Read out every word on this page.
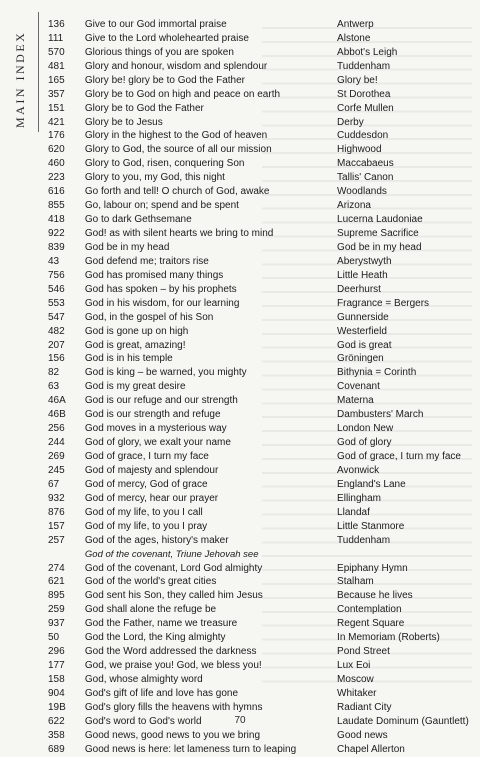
MAIN INDEX
136	Give to our God immortal praise	Antwerp
111	Give to the Lord wholehearted praise	Alstone
570	Glorious things of you are spoken	Abbot's Leigh
481	Glory and honour, wisdom and splendour	Tuddenham
165	Glory be! glory be to God the Father	Glory be!
357	Glory be to God on high and peace on earth	St Dorothea
151	Glory be to God the Father	Corfe Mullen
421	Glory be to Jesus	Derby
176	Glory in the highest to the God of heaven	Cuddesdon
620	Glory to God, the source of all our mission	Highwood
460	Glory to God, risen, conquering Son	Maccabaeus
223	Glory to you, my God, this night	Tallis' Canon
616	Go forth and tell! O church of God, awake	Woodlands
855	Go, labour on; spend and be spent	Arizona
418	Go to dark Gethsemane	Lucerna Laudoniae
922	God! as with silent hearts we bring to mind	Supreme Sacrifice
839	God be in my head	God be in my head
43	God defend me; traitors rise	Aberystwyth
756	God has promised many things	Little Heath
546	God has spoken – by his prophets	Deerhurst
553	God in his wisdom, for our learning	Fragrance = Bergers
547	God, in the gospel of his Son	Gunnerside
482	God is gone up on high	Westerfield
207	God is great, amazing!	God is great
156	God is in his temple	Gröningen
82	God is king – be warned, you mighty	Bithynia = Corinth
63	God is my great desire	Covenant
46A	God is our refuge and our strength	Materna
46B	God is our strength and refuge	Dambusters' March
256	God moves in a mysterious way	London New
244	God of glory, we exalt your name	God of glory
269	God of grace, I turn my face	God of grace, I turn my face
245	God of majesty and splendour	Avonwick
67	God of mercy, God of grace	England's Lane
932	God of mercy, hear our prayer	Ellingham
876	God of my life, to you I call	Llandaf
157	God of my life, to you I pray	Little Stanmore
257	God of the ages, history's maker	Tuddenham
	God of the covenant, Triune Jehovah see	
274	God of the covenant, Lord God almighty	Epiphany Hymn
621	God of the world's great cities	Stalham
895	God sent his Son, they called him Jesus	Because he lives
259	God shall alone the refuge be	Contemplation
937	God the Father, name we treasure	Regent Square
50	God the Lord, the King almighty	In Memoriam (Roberts)
296	God the Word addressed the darkness	Pond Street
177	God, we praise you! God, we bless you!	Lux Eoi
158	God, whose almighty word	Moscow
904	God's gift of life and love has gone	Whitaker
19B	God's glory fills the heavens with hymns	Radiant City
622	God's word to God's world	Laudate Dominum (Gauntlett)
358	Good news, good news to you we bring	Good news
689	Good news is here: let lameness turn to leaping	Chapel Allerton
70
